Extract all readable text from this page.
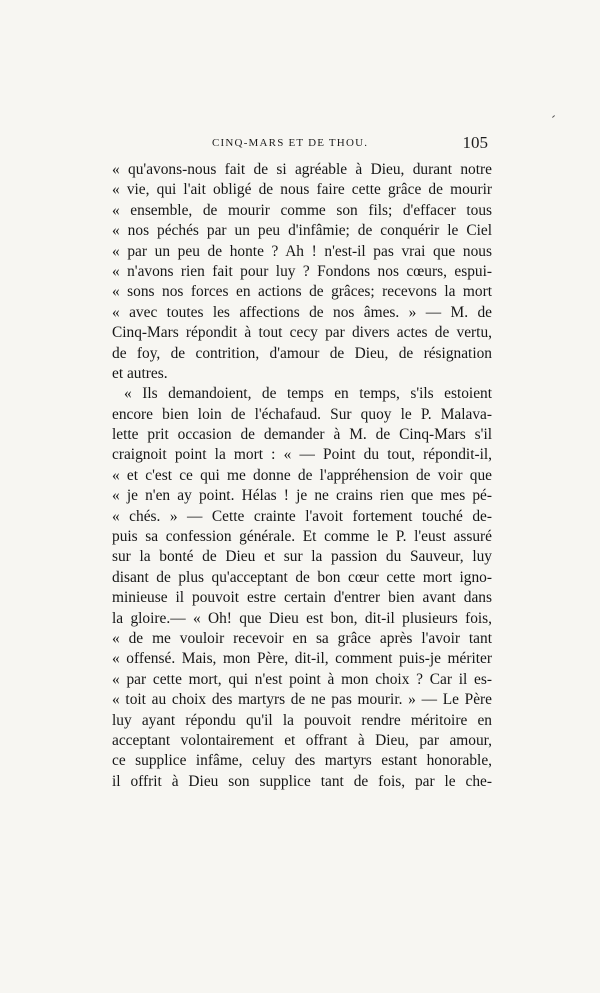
CINQ-MARS ET DE THOU.	105
« qu'avons-nous fait de si agréable à Dieu, durant notre
« vie, qui l'ait obligé de nous faire cette grâce de mourir
« ensemble, de mourir comme son fils; d'effacer tous
« nos péchés par un peu d'infâmie; de conquérir le Ciel
« par un peu de honte ? Ah ! n'est-il pas vrai que nous
« n'avons rien fait pour luy ? Fondons nos cœurs, espui-
« sons nos forces en actions de grâces; recevons la mort
« avec toutes les affections de nos âmes. » — M. de
Cinq-Mars répondit à tout cecy par divers actes de vertu,
de foy, de contrition, d'amour de Dieu, de résignation
et autres.
« Ils demandoient, de temps en temps, s'ils estoient
encore bien loin de l'échafaud. Sur quoy le P. Malava-
lette prit occasion de demander à M. de Cinq-Mars s'il
craignoit point la mort : « — Point du tout, répondit-il,
« et c'est ce qui me donne de l'appréhension de voir que
« je n'en ay point. Hélas ! je ne crains rien que mes pé-
« chés. » — Cette crainte l'avoit fortement touché de-
puis sa confession générale. Et comme le P. l'eust assuré
sur la bonté de Dieu et sur la passion du Sauveur, luy
disant de plus qu'acceptant de bon cœur cette mort igno-
minieuse il pouvoit estre certain d'entrer bien avant dans
la gloire.— « Oh! que Dieu est bon, dit-il plusieurs fois,
« de me vouloir recevoir en sa grâce après l'avoir tant
« offensé. Mais, mon Père, dit-il, comment puis-je mériter
« par cette mort, qui n'est point à mon choix ? Car il es-
« toit au choix des martyrs de ne pas mourir. » — Le Père
luy ayant répondu qu'il la pouvoit rendre méritoire en
acceptant volontairement et offrant à Dieu, par amour,
ce supplice infâme, celuy des martyrs estant honorable,
il offrit à Dieu son supplice tant de fois, par le che-
